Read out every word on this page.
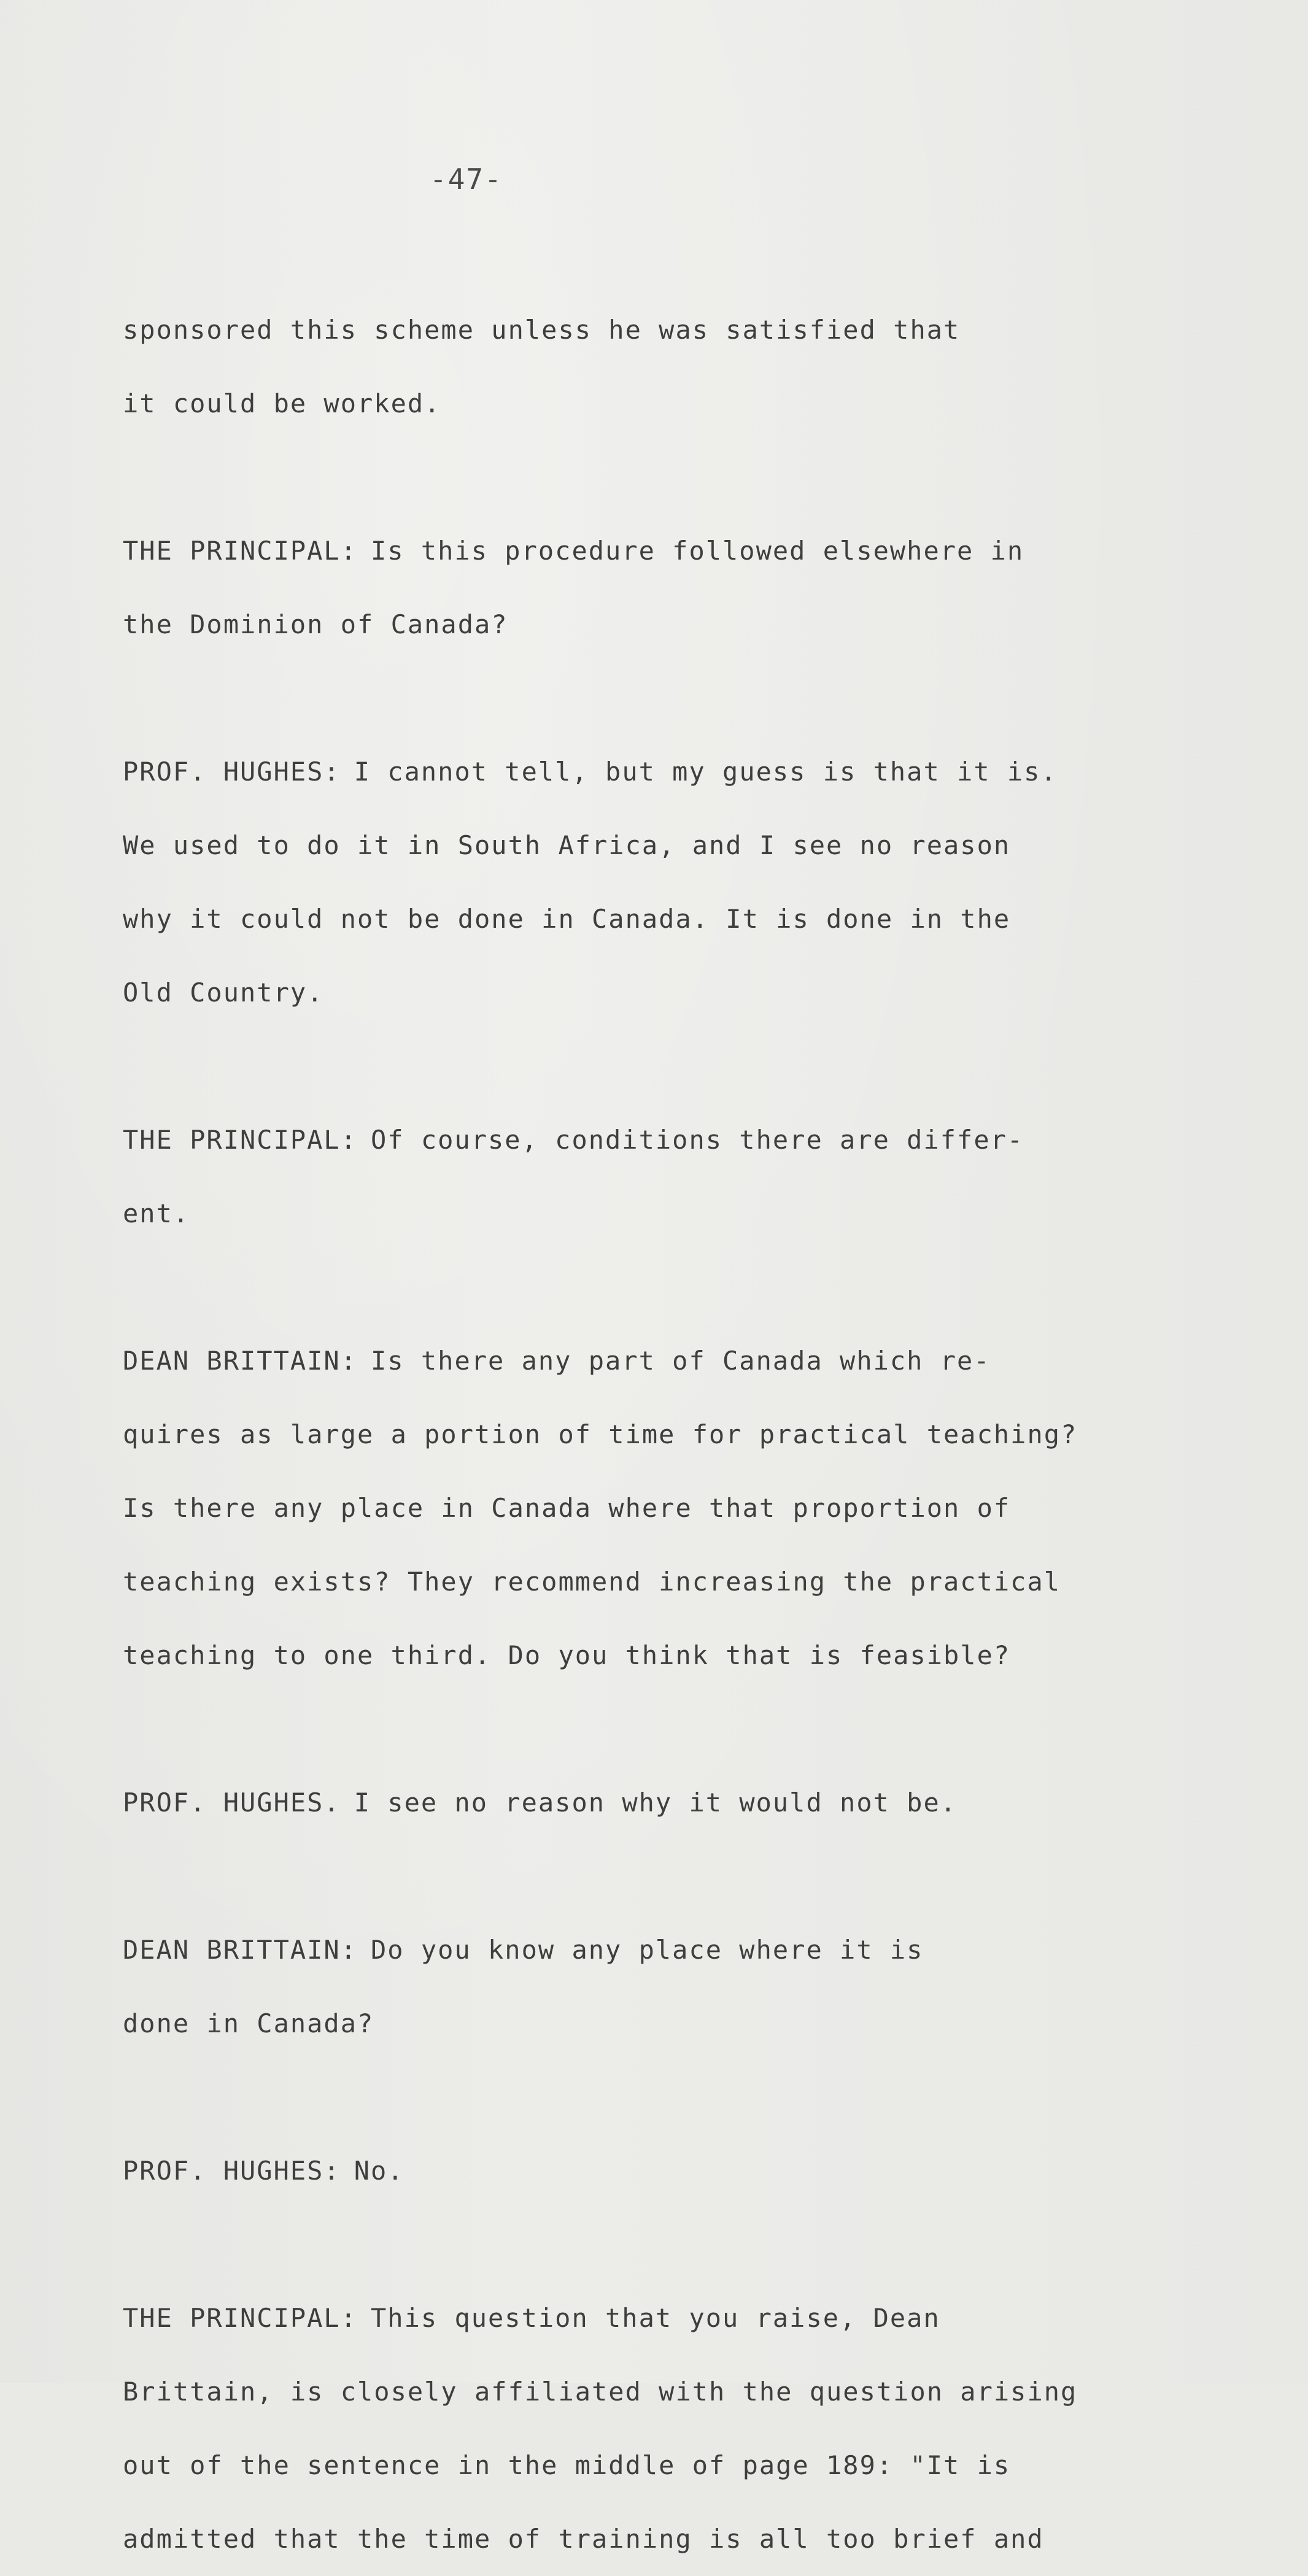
-47-
sponsored this scheme unless he was satisfied that
it could be worked.
THE PRINCIPAL: Is this procedure followed elsewhere in
the Dominion of Canada?
PROF. HUGHES: I cannot tell, but my guess is that it is.
We used to do it in South Africa, and I see no reason
why it could not be done in Canada. It is done in the
Old Country.
THE PRINCIPAL: Of course, conditions there are differ-
ent.
DEAN BRITTAIN: Is there any part of Canada which re-
quires as large a portion of time for practical teaching?
Is there any place in Canada where that proportion of
teaching exists? They recommend increasing the practical
teaching to one third. Do you think that is feasible?
PROF. HUGHES. I see no reason why it would not be.
DEAN BRITTAIN: Do you know any place where it is
done in Canada?
PROF. HUGHES: No.
THE PRINCIPAL: This question that you raise, Dean
Brittain, is closely affiliated with the question arising
out of the sentence in the middle of page 189: "It is
admitted that the time of training is all too brief and
